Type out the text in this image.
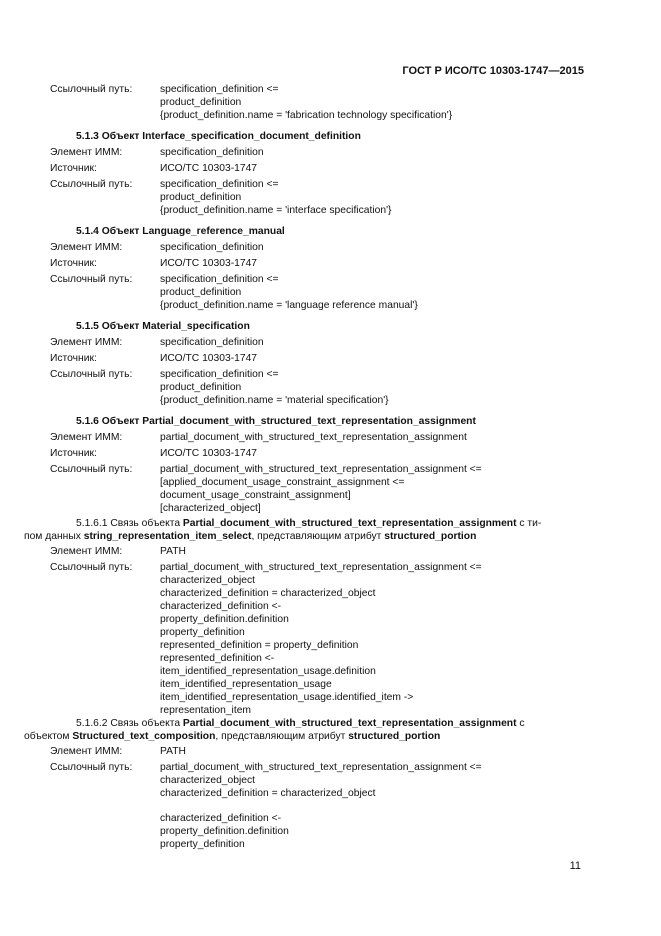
ГОСТ Р ИСО/ТС 10303-1747—2015
Ссылочный путь:	specification_definition <=
product_definition
{product_definition.name = 'fabrication technology specification'}
5.1.3 Объект Interface_specification_document_definition
Элемент ИММ:	specification_definition
Источник:	ИСО/ТС 10303-1747
Ссылочный путь:	specification_definition <=
product_definition
{product_definition.name = 'interface specification'}
5.1.4 Объект Language_reference_manual
Элемент ИММ:	specification_definition
Источник:	ИСО/ТС 10303-1747
Ссылочный путь:	specification_definition <=
product_definition
{product_definition.name = 'language reference manual'}
5.1.5 Объект Material_specification
Элемент ИММ:	specification_definition
Источник:	ИСО/ТС 10303-1747
Ссылочный путь:	specification_definition <=
product_definition
{product_definition.name = 'material specification'}
5.1.6 Объект Partial_document_with_structured_text_representation_assignment
Элемент ИММ:	partial_document_with_structured_text_representation_assignment
Источник:	ИСО/ТС 10303-1747
Ссылочный путь:	partial_document_with_structured_text_representation_assignment <=
[applied_document_usage_constraint_assignment <=
document_usage_constraint_assignment]
[characterized_object]
5.1.6.1 Связь объекта Partial_document_with_structured_text_representation_assignment с ти-
пом данных string_representation_item_select, представляющим атрибут structured_portion
Элемент ИММ:	PATH
Ссылочный путь:	partial_document_with_structured_text_representation_assignment <=
characterized_object
characterized_definition = characterized_object
characterized_definition <-
property_definition.definition
property_definition
represented_definition = property_definition
represented_definition <-
item_identified_representation_usage.definition
item_identified_representation_usage
item_identified_representation_usage.identified_item ->
representation_item
5.1.6.2 Связь объекта Partial_document_with_structured_text_representation_assignment с
объектом Structured_text_composition, представляющим атрибут structured_portion
Элемент ИММ:	PATH
Ссылочный путь:	partial_document_with_structured_text_representation_assignment <=
characterized_object
characterized_definition = characterized_object
characterized_definition <-
property_definition.definition
property_definition
11
